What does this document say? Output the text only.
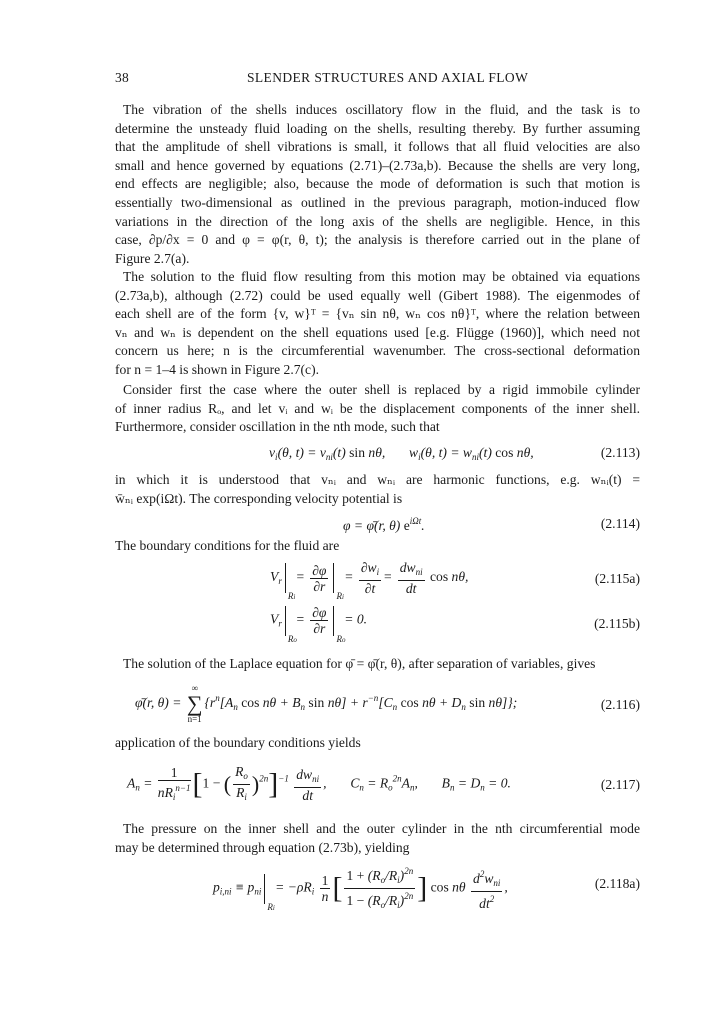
38	SLENDER STRUCTURES AND AXIAL FLOW
The vibration of the shells induces oscillatory flow in the fluid, and the task is to
determine the unsteady fluid loading on the shells, resulting thereby. By further assuming
that the amplitude of shell vibrations is small, it follows that all fluid velocities are also
small and hence governed by equations (2.71)–(2.73a,b). Because the shells are very long,
end effects are negligible; also, because the mode of deformation is such that motion is
essentially two-dimensional as outlined in the previous paragraph, motion-induced flow
variations in the direction of the long axis of the shells are negligible. Hence, in this
case, ∂p/∂x = 0 and φ = φ(r, θ, t); the analysis is therefore carried out in the plane of
Figure 2.7(a).
The solution to the fluid flow resulting from this motion may be obtained via equations
(2.73a,b), although (2.72) could be used equally well (Gibert 1988). The eigenmodes of
each shell are of the form {v, w}ᵀ = {vₙ sin nθ, wₙ cos nθ}ᵀ, where the relation between
vₙ and wₙ is dependent on the shell equations used [e.g. Flügge (1960)], which need not
concern us here; n is the circumferential wavenumber. The cross-sectional deformation
for n = 1–4 is shown in Figure 2.7(c).
Consider first the case where the outer shell is replaced by a rigid immobile cylinder
of inner radius Rₒ, and let vᵢ and wᵢ be the displacement components of the inner shell.
Furthermore, consider oscillation in the nth mode, such that
$v_i(\theta$, $t) = v_{ni}(t)$ sin nθ,       $w_i(\theta$, $t) = w_{ni}(t)$ cos nθ,	(2.113)
in which it is understood that vₙᵢ and wₙᵢ are harmonic functions, e.g. wₙᵢ(t) =
w̄ₙᵢ exp(iΩt). The corresponding velocity potential is
φ = φ̄(r, θ) $e^{i\Omega t}$.	(2.114)
The boundary conditions for the fluid are
$V_r$
Ri
= $\frac{\partial\varphi}{\partial r}$
Ri
= $\frac{\partial w_i}{\partial t} = \frac{dw_{ni}}{dt}$ cos nθ,	(2.115a)
$V_r$
Ro
= $\frac{\partial\varphi}{\partial r}$
Ro
= 0.	(2.115b)
The solution of the Laplace equation for φ̄ = φ̄(r, θ), after separation of variables, gives
φ̄(r, θ) =
∞
∑
n=1
{$r^n[A_n$ $\cos n\theta + B_n$ $\sin n\theta] + r^{-n}[C_n$ $\cos n\theta + D_n$ sin nθ]};	(2.116)
application of the boundary conditions yields
$A_n = \frac{1}{nR_i^{n-1}} [1$ − ( $\frac{R_o}{R_i} )^{2n}]^{-1} \frac{dw_{ni}}{dt}$ ,       $C_n = R_o^{2n}A_n$,       $B_n = D_n = 0$.	(2.117)
The pressure on the inner shell and the outer cylinder in the nth circumferential mode
may be determined through equation (2.73b), yielding
$p_{i,ni} \equiv p_{ni}$
Ri
= $-\rho R_i \frac{1}{n}$ [ $\frac{1 + (R_o/R_i)^{2n}}{1 - (R_o/R_i)^{2n}}$ ] cos nθ $\frac{d^2w_{ni}}{dt^2}$ ,	(2.118a)
